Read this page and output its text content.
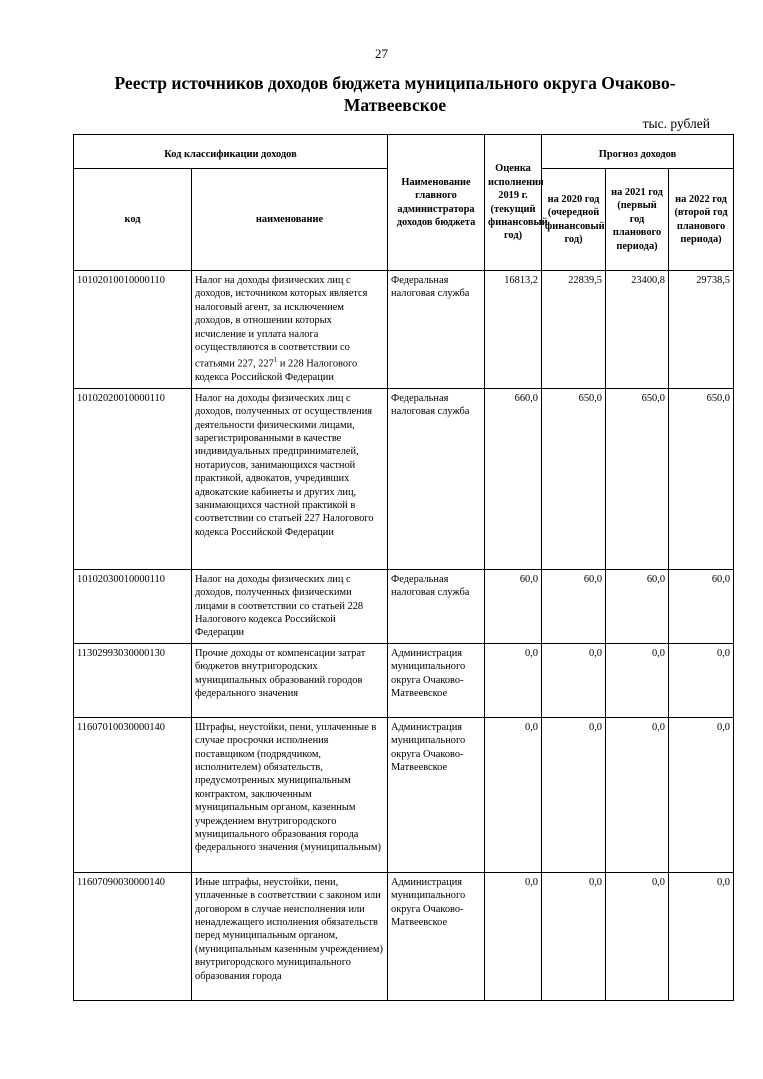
27
Реестр источников доходов бюджета муниципального округа Очаково-Матвеевское
тыс. рублей
Код классификации доходов		Наименование главного администратора доходов бюджета	Оценка исполнения 2019 г. (текущий финансовый год)	Прогноз доходов		
код	наименование			на 2020 год (очередной финансовый год)	на 2021 год (первый год планового периода)	на 2022 год (второй год планового периода)
10102010010000110	Налог на доходы физических лиц с доходов, источником которых является налоговый агент, за исключением доходов, в отношении которых исчисление и уплата налога осуществляются в соответствии со статьями 227, $227^1$ и 228 Налогового кодекса Российской Федерации	Федеральная налоговая служба	16813,2	22839,5	23400,8	29738,5
10102020010000110	Налог на доходы физических лиц с доходов, полученных от осуществления деятельности физическими лицами, зарегистрированными в качестве индивидуальных предпринимателей, нотариусов, занимающихся частной практикой, адвокатов, учредивших адвокатские кабинеты и других лиц, занимающихся частной практикой в соответствии со статьей 227 Налогового кодекса Российской Федерации	Федеральная налоговая служба	660,0	650,0	650,0	650,0
10102030010000110	Налог на доходы физических лиц с доходов, полученных физическими лицами в соответствии со статьей 228 Налогового кодекса Российской Федерации	Федеральная налоговая служба	60,0	60,0	60,0	60,0
11302993030000130	Прочие доходы от компенсации затрат бюджетов внутригородских муниципальных образований городов федерального значения	Администрация муниципального округа Очаково-Матвеевское	0,0	0,0	0,0	0,0
11607010030000140	Штрафы, неустойки, пени, уплаченные в случае просрочки исполнения поставщиком (подрядчиком, исполнителем) обязательств, предусмотренных муниципальным контрактом, заключенным муниципальным органом, казенным учреждением внутригородского муниципального образования города федерального значения (муниципальным)	Администрация муниципального округа Очаково-Матвеевское	0,0	0,0	0,0	0,0
11607090030000140	Иные штрафы, неустойки, пени, уплаченные в соответствии с законом или договором в случае неисполнения или ненадлежащего исполнения обязательств перед муниципальным органом, (муниципальным казенным учреждением) внутригородского муниципального образования города	Администрация муниципального округа Очаково-Матвеевское	0,0	0,0	0,0	0,0
